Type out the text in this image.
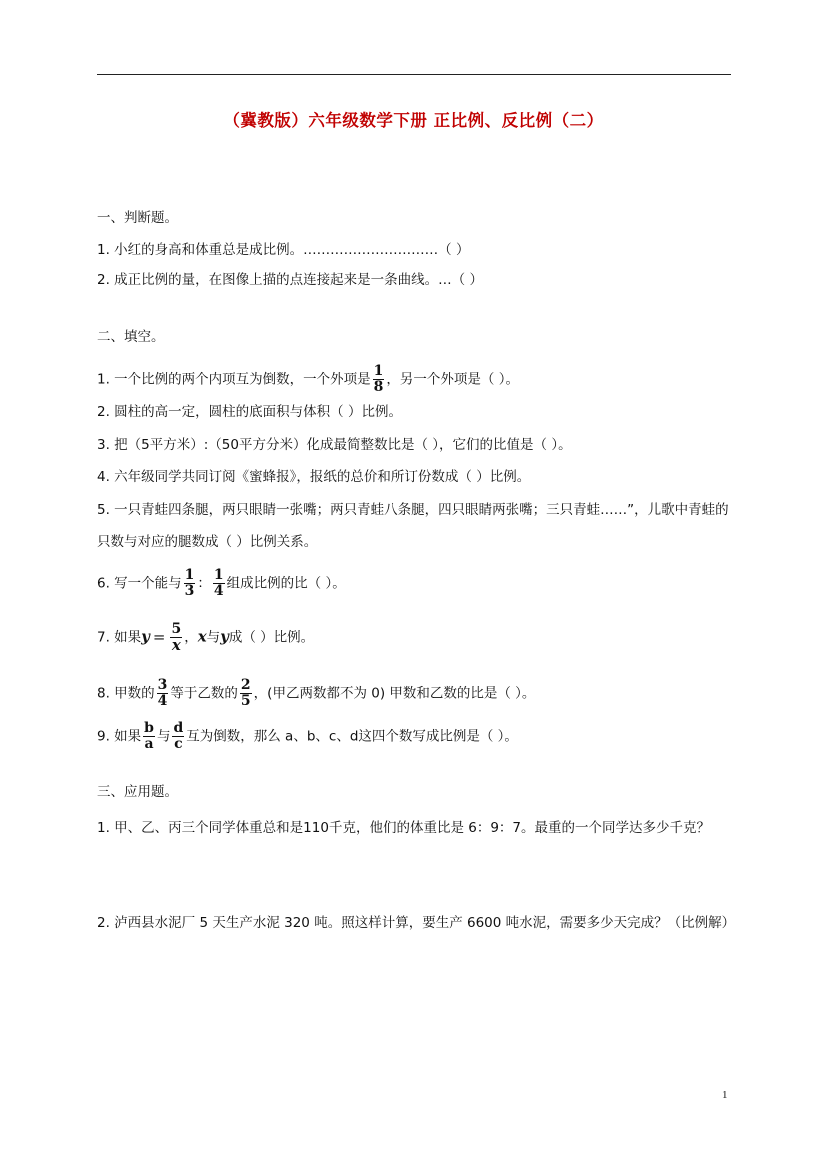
（冀教版）六年级数学下册 正比例、反比例（二）
一、判断题。
1. 小红的身高和体重总是成比例。…………………………（ ）
2. 成正比例的量，在图像上描的点连接起来是一条曲线。…（ ）
二、填空。
1. 一个比例的两个内项互为倒数，一个外项是 $\frac{1}{8}$ ，另一个外项是（ ）。
2. 圆柱的高一定，圆柱的底面积与体积（ ）比例。
3. 把（5平方米）:（50平方分米）化成最简整数比是（ ），它们的比值是（ ）。
4. 六年级同学共同订阅《蜜蜂报》，报纸的总价和所订份数成（ ）比例。
5. 一只青蛙四条腿，两只眼睛一张嘴；两只青蛙八条腿，四只眼睛两张嘴；三只青蛙……”，儿歌中青蛙的只数与对应的腿数成（ ）比例关系。
6. 写一个能与 $\frac{1}{3}$ ： $\frac{1}{4}$ 组成比例的比（ ）。
7. 如果$y = \frac{5}{x}$ ，x与y成（ ）比例。
8. 甲数的 $\frac{3}{4}$ 等于乙数的 $\frac{2}{5}$ ，(甲乙两数都不为 0) 甲数和乙数的比是（ ）。
9. 如果 $\frac{b}{a}$ 与 $\frac{d}{c}$ 互为倒数，那么 a、b、c、d这四个数写成比例是（ ）。
三、应用题。
1. 甲、乙、丙三个同学体重总和是110千克，他们的体重比是 6：9：7。最重的一个同学达多少千克？
2. 泸西县水泥厂 5 天生产水泥 320 吨。照这样计算，要生产 6600 吨水泥，需要多少天完成？（比例解）
1
